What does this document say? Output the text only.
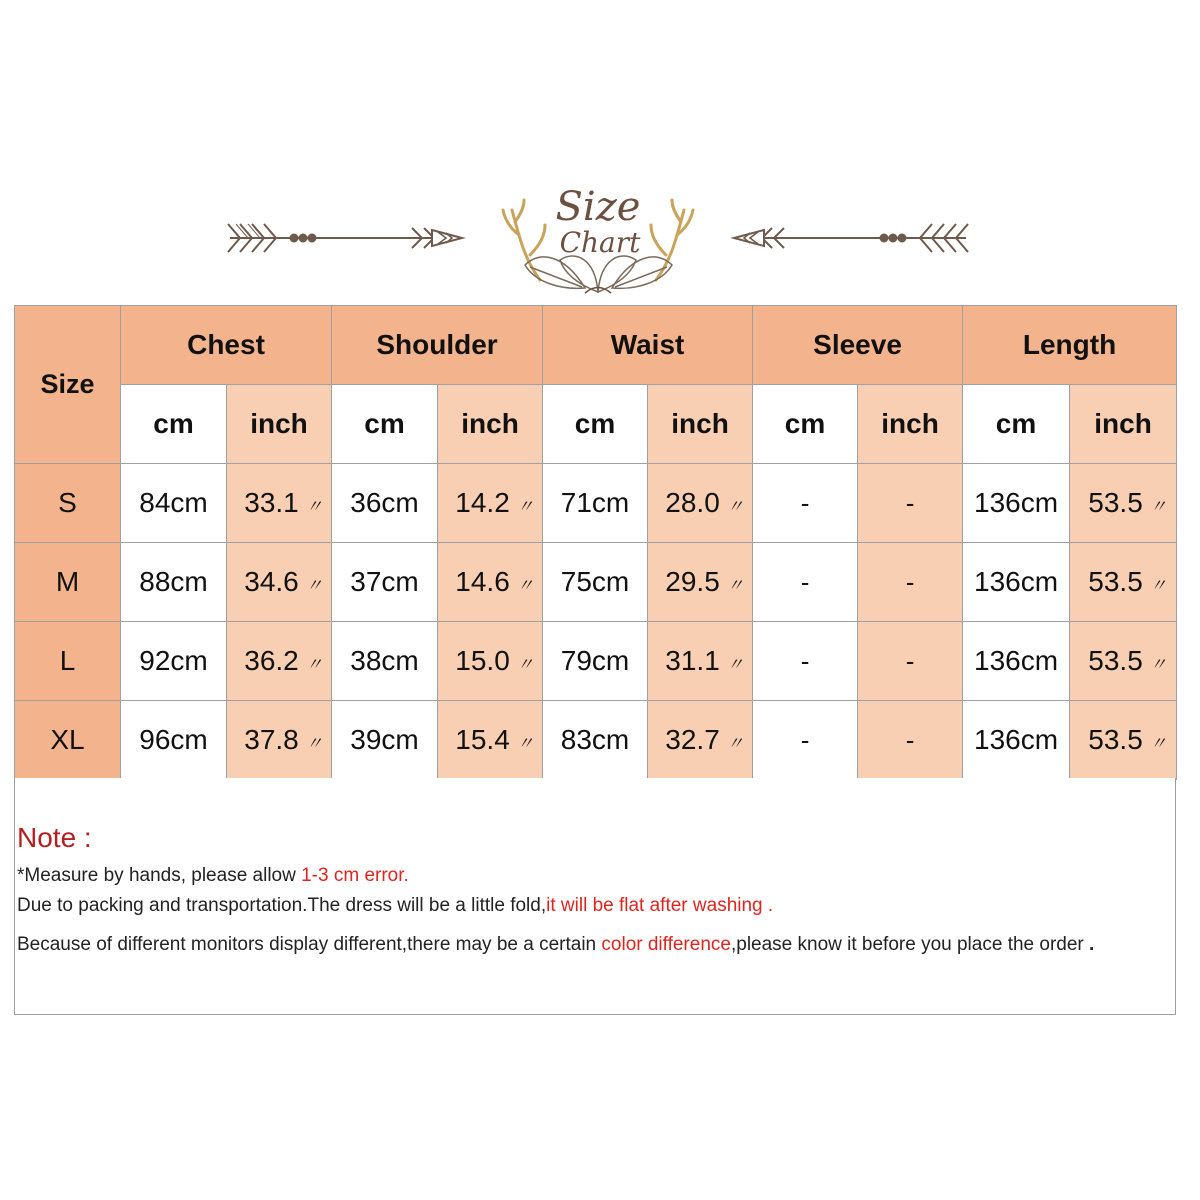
Size
Chart
Size	Chest		Shoulder		Waist		Sleeve		Length	
	cm	inch	cm	inch	cm	inch	cm	inch	cm	inch
S	84cm	33.1 〃	36cm	14.2 〃	71cm	28.0 〃	-	-	136cm	53.5 〃
M	88cm	34.6 〃	37cm	14.6 〃	75cm	29.5 〃	-	-	136cm	53.5 〃
L	92cm	36.2 〃	38cm	15.0 〃	79cm	31.1 〃	-	-	136cm	53.5 〃
XL	96cm	37.8 〃	39cm	15.4 〃	83cm	32.7 〃	-	-	136cm	53.5 〃
Note :
*Measure by hands, please allow 1-3 cm error.
Due to packing and transportation.The dress will be a little fold,it will be flat after washing .
Because of different monitors display different,there may be a certain color difference,please know it before you place the order .
